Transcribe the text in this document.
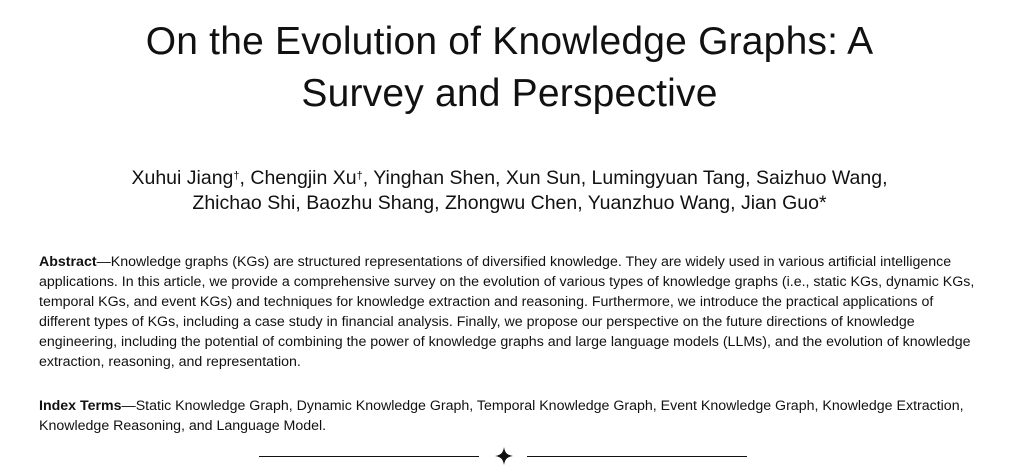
On the Evolution of Knowledge Graphs: A
Survey and Perspective
Xuhui Jiang†, Chengjin Xu†, Yinghan Shen, Xun Sun, Lumingyuan Tang, Saizhuo Wang,
Zhichao Shi, Baozhu Shang, Zhongwu Chen, Yuanzhuo Wang, Jian Guo*
Abstract—Knowledge graphs (KGs) are structured representations of diversified knowledge. They are widely used in various artificial intelligence applications. In this article, we provide a comprehensive survey on the evolution of various types of knowledge graphs (i.e., static KGs, dynamic KGs, temporal KGs, and event KGs) and techniques for knowledge extraction and reasoning. Furthermore, we introduce the practical applications of different types of KGs, including a case study in financial analysis. Finally, we propose our perspective on the future directions of knowledge engineering, including the potential of combining the power of knowledge graphs and large language models (LLMs), and the evolution of knowledge extraction, reasoning, and representation.
Index Terms—Static Knowledge Graph, Dynamic Knowledge Graph, Temporal Knowledge Graph, Event Knowledge Graph, Knowledge Extraction, Knowledge Reasoning, and Language Model.
